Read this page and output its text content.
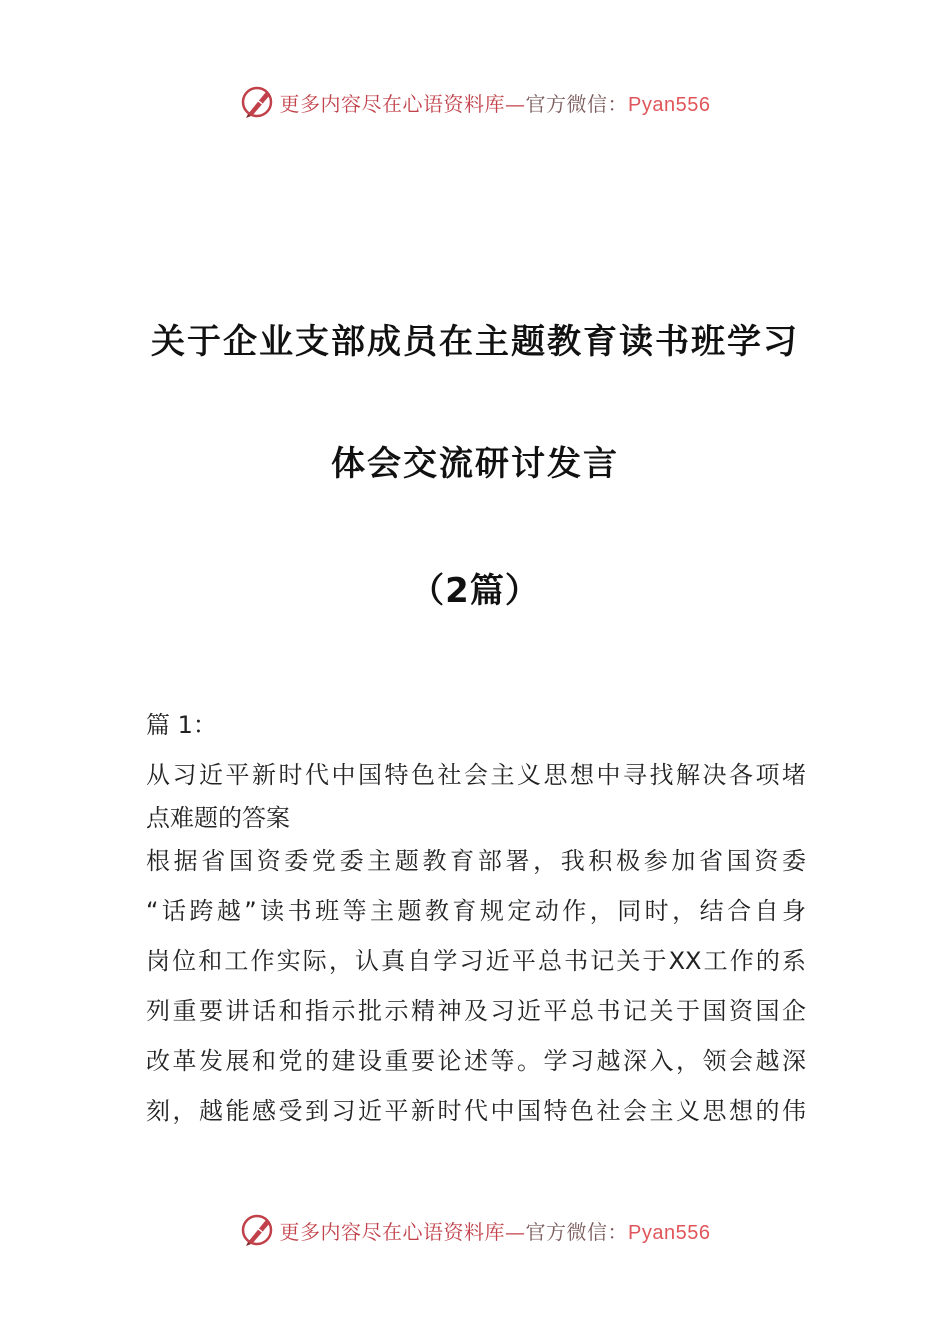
更多内容尽在心语资料库—官方微信：Pyan556
关于企业支部成员在主题教育读书班学习
体会交流研讨发言
（2篇）
篇 1：
从习近平新时代中国特色社会主义思想中寻找解决各项堵
点难题的答案
根据省国资委党委主题教育部署，我积极参加省国资委
“话跨越”读书班等主题教育规定动作，同时，结合自身
岗位和工作实际，认真自学习近平总书记关于XX工作的系
列重要讲话和指示批示精神及习近平总书记关于国资国企
改革发展和党的建设重要论述等。学习越深入，领会越深
刻，越能感受到习近平新时代中国特色社会主义思想的伟
更多内容尽在心语资料库—官方微信：Pyan556
